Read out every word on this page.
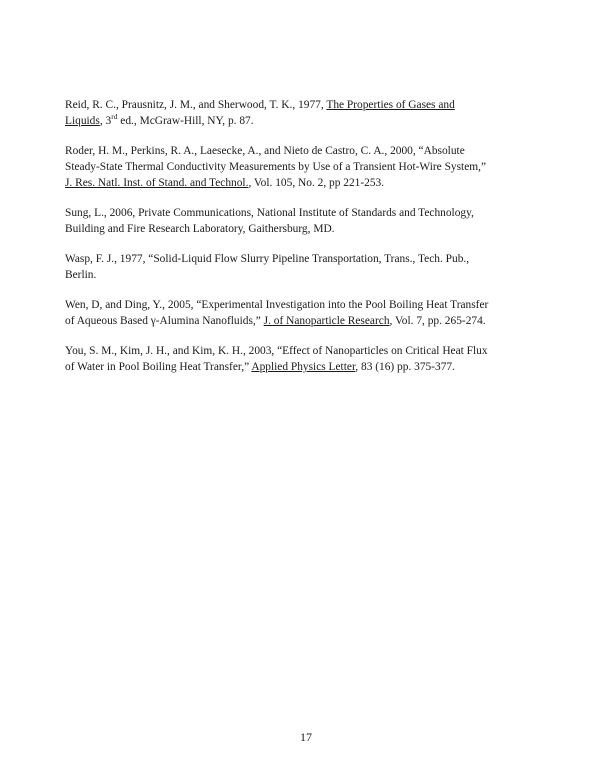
Reid, R. C., Prausnitz, J. M., and Sherwood, T. K., 1977, The Properties of Gases and
Liquids, 3rd ed., McGraw-Hill, NY, p. 87.

Roder, H. M., Perkins, R. A., Laesecke, A., and Nieto de Castro, C. A., 2000, “Absolute
Steady-State Thermal Conductivity Measurements by Use of a Transient Hot-Wire System,”
J. Res. Natl. Inst. of Stand. and Technol., Vol. 105, No. 2, pp 221-253.

Sung, L., 2006, Private Communications, National Institute of Standards and Technology,
Building and Fire Research Laboratory, Gaithersburg, MD.

Wasp, F. J., 1977, “Solid-Liquid Flow Slurry Pipeline Transportation, Trans., Tech. Pub.,
Berlin.

Wen, D, and Ding, Y., 2005, “Experimental Investigation into the Pool Boiling Heat Transfer
of Aqueous Based γ-Alumina Nanofluids,” J. of Nanoparticle Research, Vol. 7, pp. 265-274.

You, S. M., Kim, J. H., and Kim, K. H., 2003, “Effect of Nanoparticles on Critical Heat Flux
of Water in Pool Boiling Heat Transfer,” Applied Physics Letter, 83 (16) pp. 375-377.

17
